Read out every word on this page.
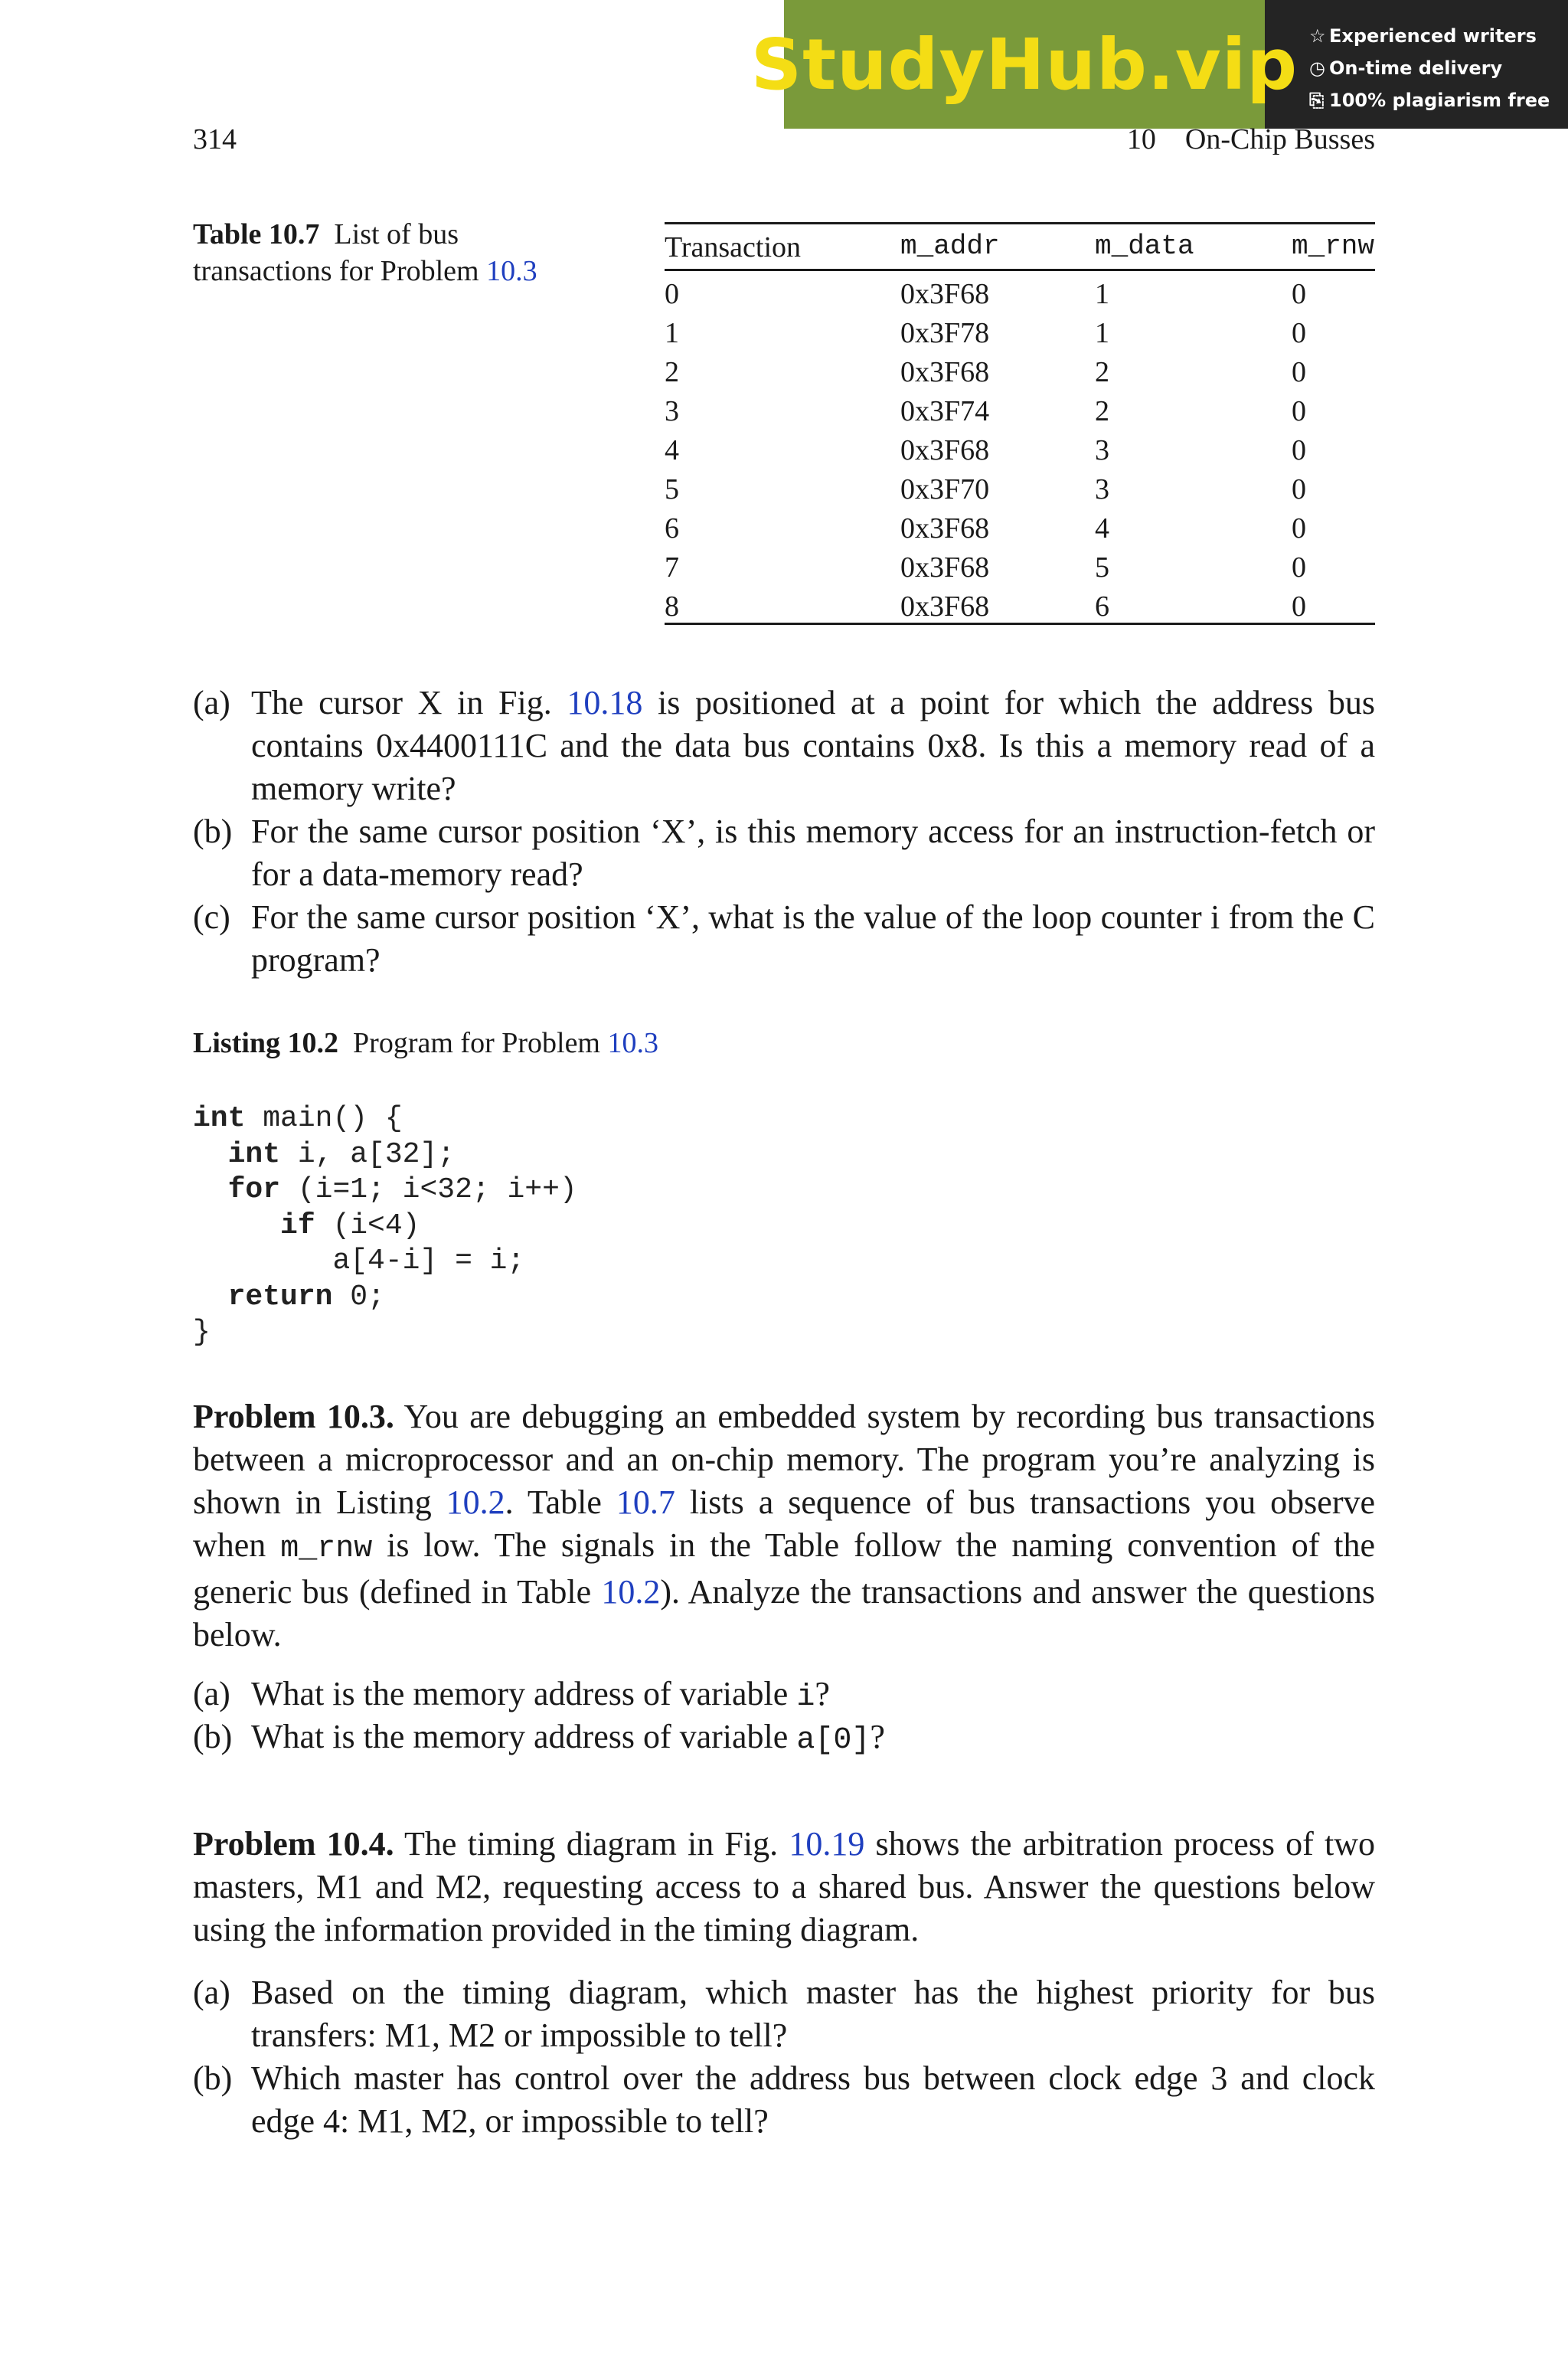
StudyHub.vip ☆ Experienced writers
◷ On-time delivery
⎘ 100% plagiarism free
314	10    On-Chip Busses
Table 10.7 List of bus transactions for Problem 10.3
Transaction	m_addr	m_data	m_rnw
0	0x3F68	1	0
1	0x3F78	1	0
2	0x3F68	2	0
3	0x3F74	2	0
4	0x3F68	3	0
5	0x3F70	3	0
6	0x3F68	4	0
7	0x3F68	5	0
8	0x3F68	6	0
(a) The cursor X in Fig. 10.18 is positioned at a point for which the address bus contains 0x4400111C and the data bus contains 0x8. Is this a memory read of a memory write?
(b) For the same cursor position ‘X’, is this memory access for an instruction-fetch or for a data-memory read?
(c) For the same cursor position ‘X’, what is the value of the loop counter i from the C program?
Listing 10.2 Program for Problem 10.3
int main() {
int i, a[32];
for (i=1; i<32; i++)
if (i<4)
a[4-i] = i;
return 0;
}
Problem 10.3. You are debugging an embedded system by recording bus transactions between a microprocessor and an on-chip memory. The program you’re analyzing is shown in Listing 10.2. Table 10.7 lists a sequence of bus transactions you observe when m_rnw is low. The signals in the Table follow the naming convention of the generic bus (defined in Table 10.2). Analyze the transactions and answer the questions below.
(a) What is the memory address of variable i?
(b) What is the memory address of variable a[0]?
Problem 10.4. The timing diagram in Fig. 10.19 shows the arbitration process of two masters, M1 and M2, requesting access to a shared bus. Answer the questions below using the information provided in the timing diagram.
(a) Based on the timing diagram, which master has the highest priority for bus transfers: M1, M2 or impossible to tell?
(b) Which master has control over the address bus between clock edge 3 and clock edge 4: M1, M2, or impossible to tell?
